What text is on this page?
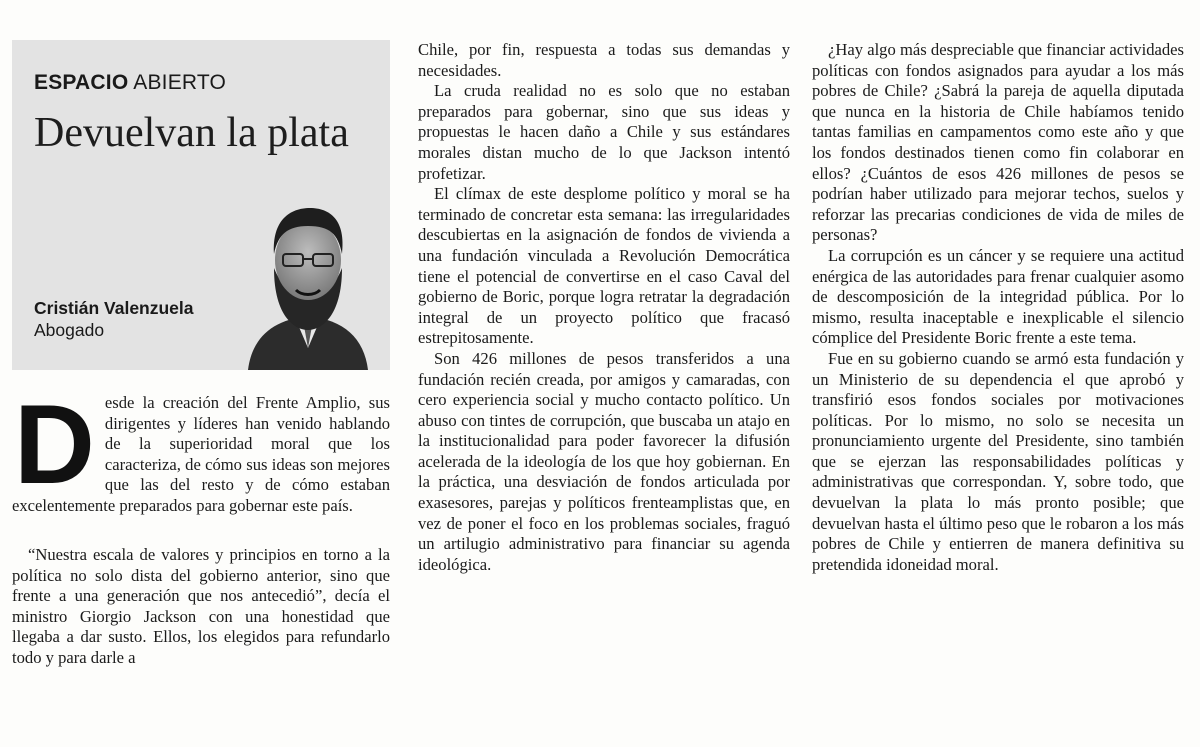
ESPACIO ABIERTO
Devuelvan la plata
Cristián Valenzuela
Abogado
D esde la creación del Frente Amplio, sus dirigentes y líderes han venido hablando de la superioridad moral que los caracteriza, de cómo sus ideas son mejores que las del resto y de cómo estaban excelentemente preparados para gobernar este país.

“Nuestra escala de valores y principios en torno a la política no solo dista del gobierno anterior, sino que frente a una generación que nos antecedió”, decía el ministro Giorgio Jackson con una honestidad que llegaba a dar susto. Ellos, los elegidos para refundarlo todo y para darle a

Chile, por fin, respuesta a todas sus demandas y necesidades.

La cruda realidad no es solo que no estaban preparados para gobernar, sino que sus ideas y propuestas le hacen daño a Chile y sus estándares morales distan mucho de lo que Jackson intentó profetizar.

El clímax de este desplome político y moral se ha terminado de concretar esta semana: las irregularidades descubiertas en la asignación de fondos de vivienda a una fundación vinculada a Revolución Democrática tiene el potencial de convertirse en el caso Caval del gobierno de Boric, porque logra retratar la degradación integral de un proyecto político que fracasó estrepitosamente.

Son 426 millones de pesos transferidos a una fundación recién creada, por amigos y camaradas, con cero experiencia social y mucho contacto político. Un abuso con tintes de corrupción, que buscaba un atajo en la institucionalidad para poder favorecer la difusión acelerada de la ideología de los que hoy gobiernan. En la práctica, una desviación de fondos articulada por exasesores, parejas y políticos frenteamplistas que, en vez de poner el foco en los problemas sociales, fraguó un artilugio administrativo para financiar su agenda ideológica.

¿Hay algo más despreciable que financiar actividades políticas con fondos asignados para ayudar a los más pobres de Chile? ¿Sabrá la pareja de aquella diputada que nunca en la historia de Chile habíamos tenido tantas familias en campamentos como este año y que los fondos destinados tienen como fin colaborar en ellos? ¿Cuántos de esos 426 millones de pesos se podrían haber utilizado para mejorar techos, suelos y reforzar las precarias condiciones de vida de miles de personas?

La corrupción es un cáncer y se requiere una actitud enérgica de las autoridades para frenar cualquier asomo de descomposición de la integridad pública. Por lo mismo, resulta inaceptable e inexplicable el silencio cómplice del Presidente Boric frente a este tema.

Fue en su gobierno cuando se armó esta fundación y un Ministerio de su dependencia el que aprobó y transfirió esos fondos sociales por motivaciones políticas. Por lo mismo, no solo se necesita un pronunciamiento urgente del Presidente, sino también que se ejerzan las responsabilidades políticas y administrativas que correspondan. Y, sobre todo, que devuelvan la plata lo más pronto posible; que devuelvan hasta el último peso que le robaron a los más pobres de Chile y entierren de manera definitiva su pretendida idoneidad moral.
